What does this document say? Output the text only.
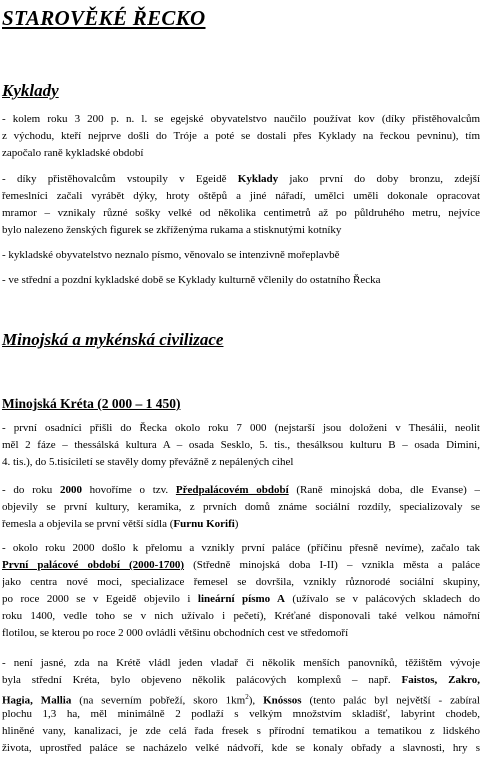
STAROVĚKÉ ŘECKO
Kyklady
- kolem roku 3 200 p. n. l. se egejské obyvatelstvo naučilo používat kov (díky přistěhovalcům
z východu, kteří nejprve došli do Tróje a poté se dostali přes Kyklady na řeckou pevninu), tím
započalo raně kykladské období
- díky přistěhovalcům vstoupily v Egeidě Kyklady jako první do doby bronzu, zdejší
řemeslníci začali vyrábět dýky, hroty oštěpů a jiné nářadí, umělci uměli dokonale opracovat
mramor – vznikaly různé sošky velké od několika centimetrů až po půldruhého metru, nejvíce
bylo nalezeno ženských figurek se zkříženýma rukama a stisknutými kotníky
- kykladské obyvatelstvo neznalo písmo, věnovalo se intenzivně mořeplavbě
- ve střední a pozdní kykladské době se Kyklady kulturně včlenily do ostatního Řecka
Minojská a mykénská civilizace
Minojská Kréta (2 000 – 1 450)
- první osadníci přišli do Řecka okolo roku 7 000 (nejstarší jsou doloženi v Thesálii, neolit
měl 2 fáze – thessálská kultura A – osada Sesklo, 5. tis., thesálksou kulturu B – osada Dimini,
4. tis.), do 5.tisíciletí se stavěly domy převážně z nepálených cihel
- do roku 2000 hovoříme o tzv. Předpalácovém období (Raně minojská doba, dle Evanse) –
objevily se první kultury, keramika, z prvních domů známe sociální rozdíly, specializovaly se
řemesla a objevila se první větší sídla (Furnu Korifi)
- okolo roku 2000 došlo k přelomu a vznikly první paláce (příčinu přesně nevíme), začalo tak
První palácové období (2000-1700) (Středně minojská doba I-II) – vznikla města a paláce
jako centra nové moci, specializace řemesel se dovršila, vznikly různorodé sociální skupiny,
po roce 2000 se v Egeidě objevilo i lineární písmo A (užívalo se v palácových skladech do
roku 1400, vedle toho se v nich užívalo i pečetí), Kréťané disponovali také velkou námořní
flotilou, se kterou po roce 2 000 ovládli většinu obchodních cest ve středomoří
- není jasné, zda na Krétě vládl jeden vladař či několik menších panovníků, těžištěm vývoje
byla střední Kréta, bylo objeveno několik palácových komplexů – např. Faistos, Zakro,
Hagia, Mallia (na severním pobřeží, skoro $1km^2$), Knóssos (tento palác byl největší - zabíral
plochu 1,3 ha, měl minimálně 2 podlaží s velkým množstvím skladišť, labyrint chodeb,
hliněné vany, kanalizaci, je zde celá řada fresek s přírodní tematikou a tematikou z lidského
života, uprostřed paláce se nacházelo velké nádvoří, kde se konaly obřady a slavnosti, hry s
